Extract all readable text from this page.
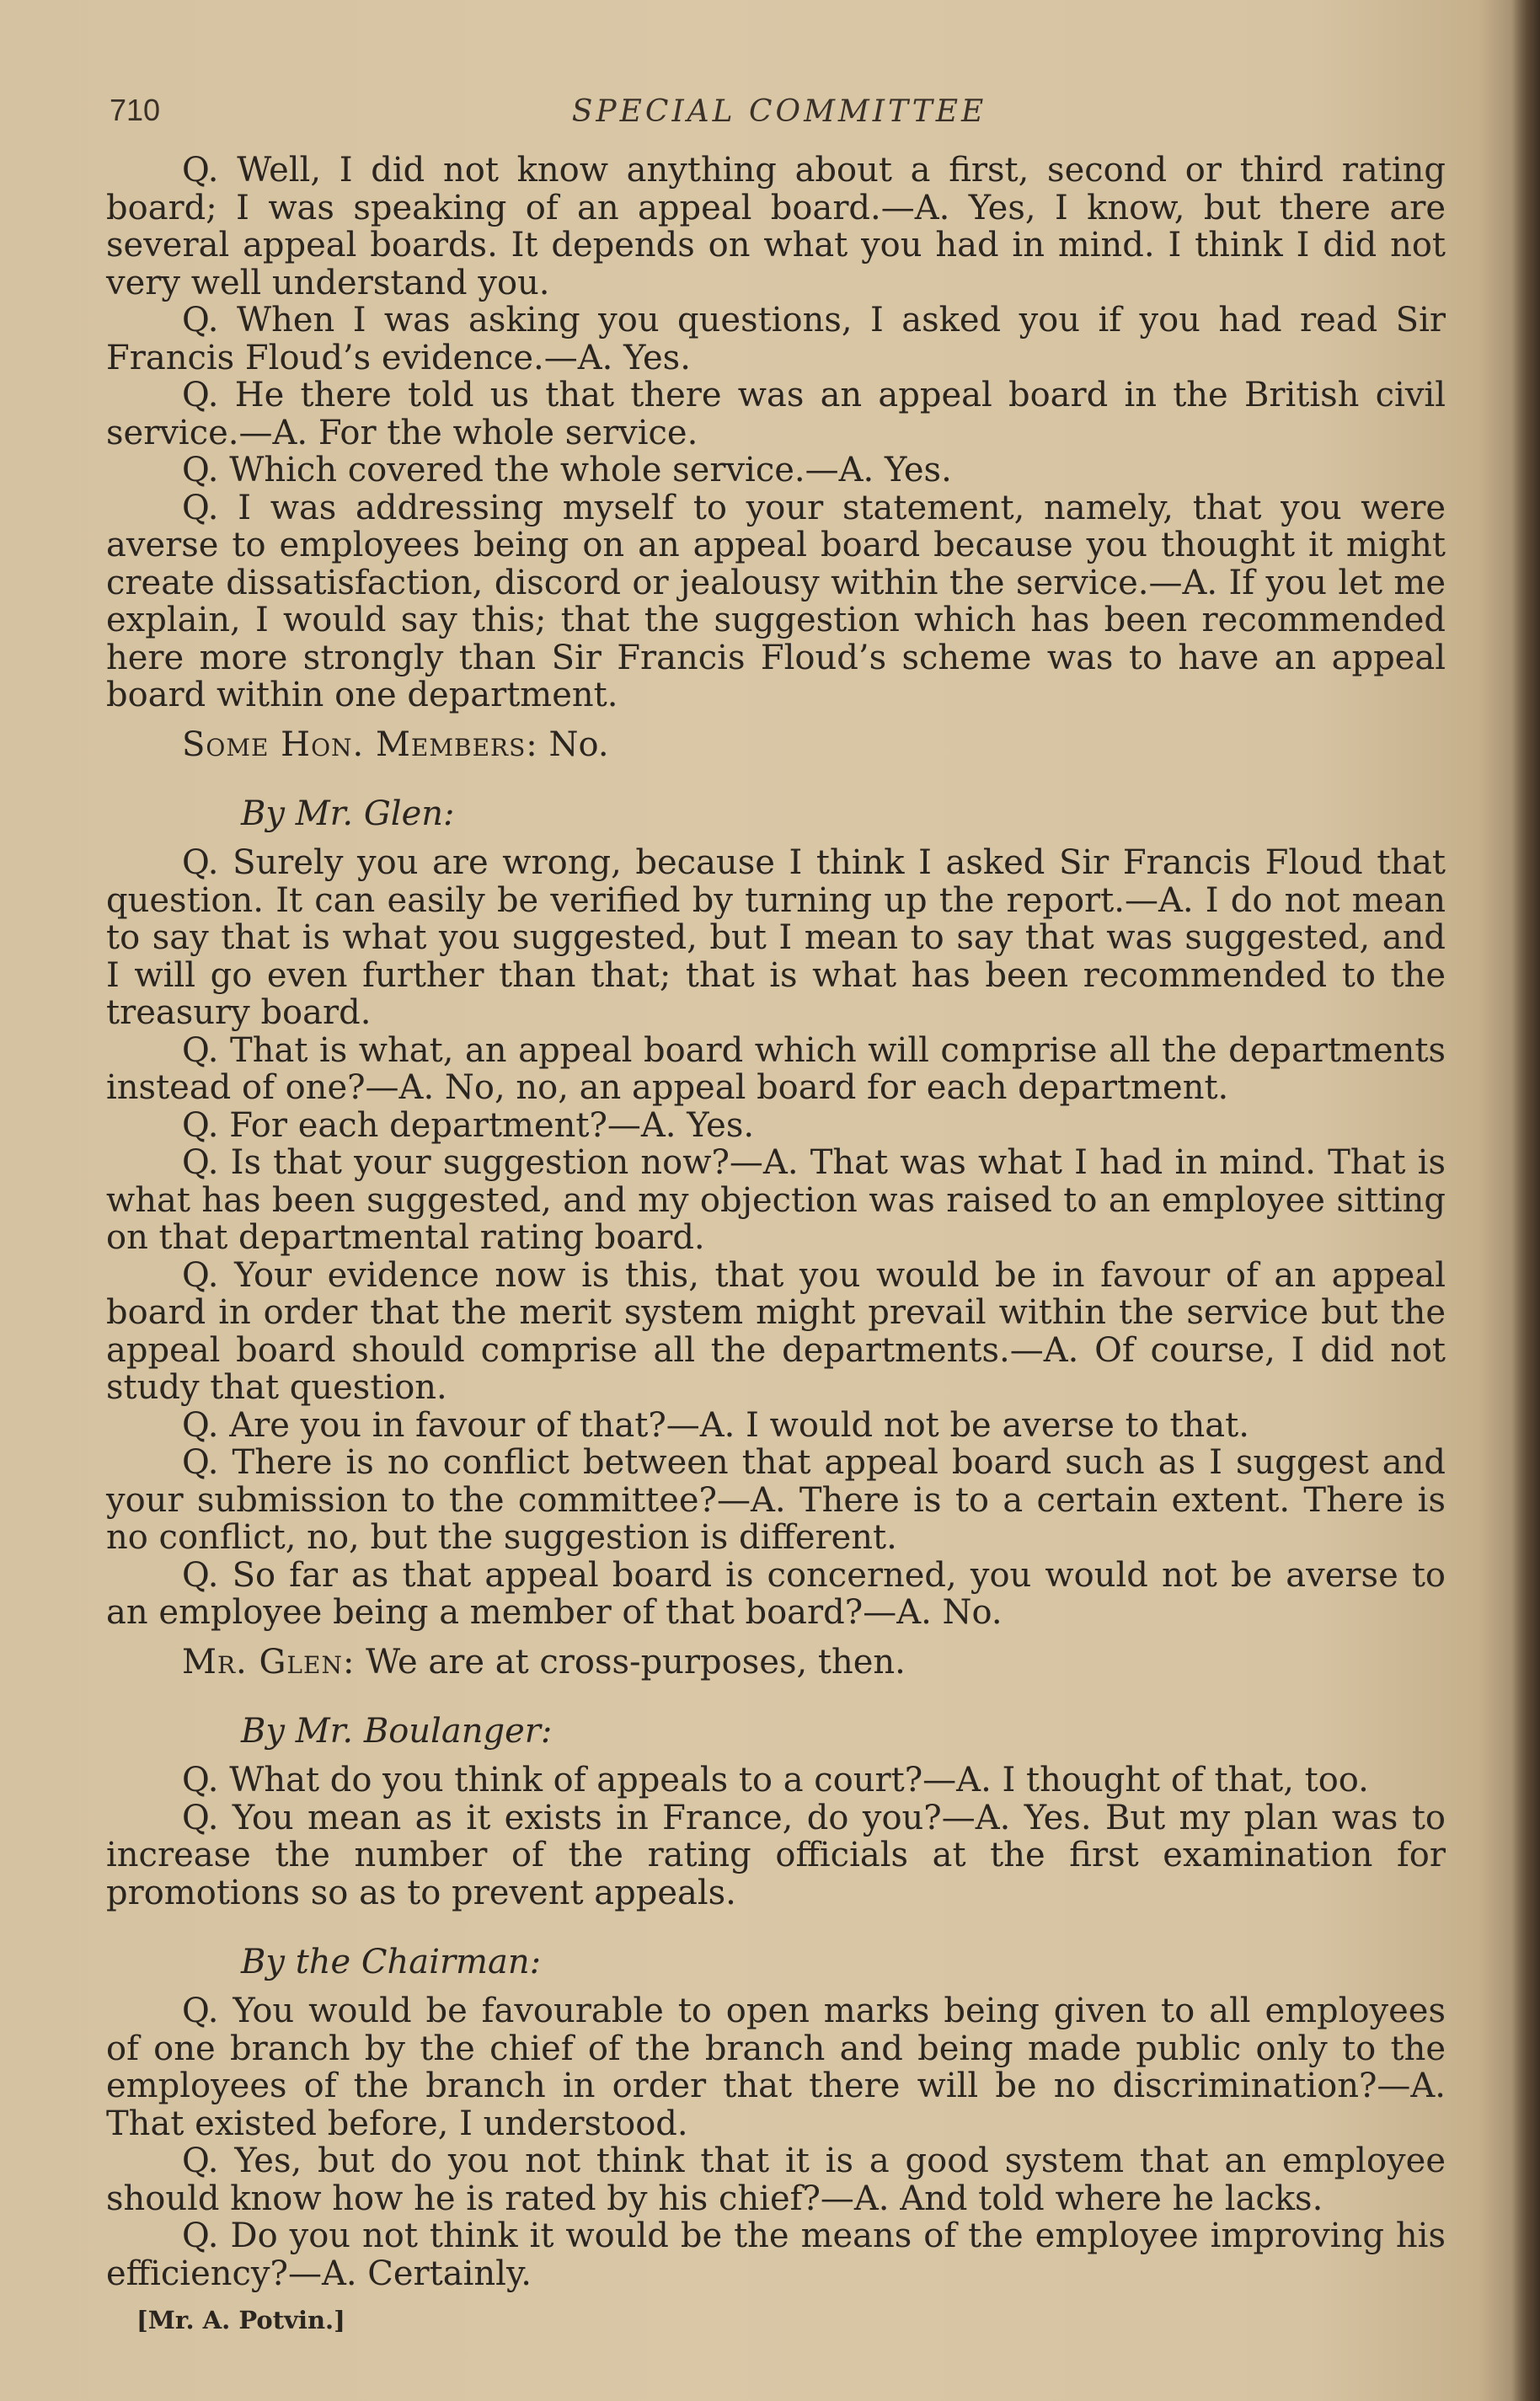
710	SPECIAL COMMITTEE

Q. Well, I did not know anything about a first, second or third rating board; I was speaking of an appeal board.—A. Yes, I know, but there are several appeal boards. It depends on what you had in mind. I think I did not very well understand you.

Q. When I was asking you questions, I asked you if you had read Sir Francis Floud’s evidence.—A. Yes.

Q. He there told us that there was an appeal board in the British civil service.—A. For the whole service.

Q. Which covered the whole service.—A. Yes.

Q. I was addressing myself to your statement, namely, that you were averse to employees being on an appeal board because you thought it might create dissatisfaction, discord or jealousy within the service.—A. If you let me explain, I would say this; that the suggestion which has been recommended here more strongly than Sir Francis Floud’s scheme was to have an appeal board within one department.

Some Hon. Members: No.

By Mr. Glen:

Q. Surely you are wrong, because I think I asked Sir Francis Floud that question. It can easily be verified by turning up the report.—A. I do not mean to say that is what you suggested, but I mean to say that was suggested, and I will go even further than that; that is what has been recommended to the treasury board.

Q. That is what, an appeal board which will comprise all the departments instead of one?—A. No, no, an appeal board for each department.

Q. For each department?—A. Yes.

Q. Is that your suggestion now?—A. That was what I had in mind. That is what has been suggested, and my objection was raised to an employee sitting on that departmental rating board.

Q. Your evidence now is this, that you would be in favour of an appeal board in order that the merit system might prevail within the service but the appeal board should comprise all the departments.—A. Of course, I did not study that question.

Q. Are you in favour of that?—A. I would not be averse to that.

Q. There is no conflict between that appeal board such as I suggest and your submission to the committee?—A. There is to a certain extent. There is no conflict, no, but the suggestion is different.

Q. So far as that appeal board is concerned, you would not be averse to an employee being a member of that board?—A. No.

Mr. Glen: We are at cross-purposes, then.

By Mr. Boulanger:

Q. What do you think of appeals to a court?—A. I thought of that, too.

Q. You mean as it exists in France, do you?—A. Yes. But my plan was to increase the number of the rating officials at the first examination for promotions so as to prevent appeals.

By the Chairman:

Q. You would be favourable to open marks being given to all employees of one branch by the chief of the branch and being made public only to the employees of the branch in order that there will be no discrimination?—A. That existed before, I understood.

Q. Yes, but do you not think that it is a good system that an employee should know how he is rated by his chief?—A. And told where he lacks.

Q. Do you not think it would be the means of the employee improving his efficiency?—A. Certainly.

[Mr. A. Potvin.]
